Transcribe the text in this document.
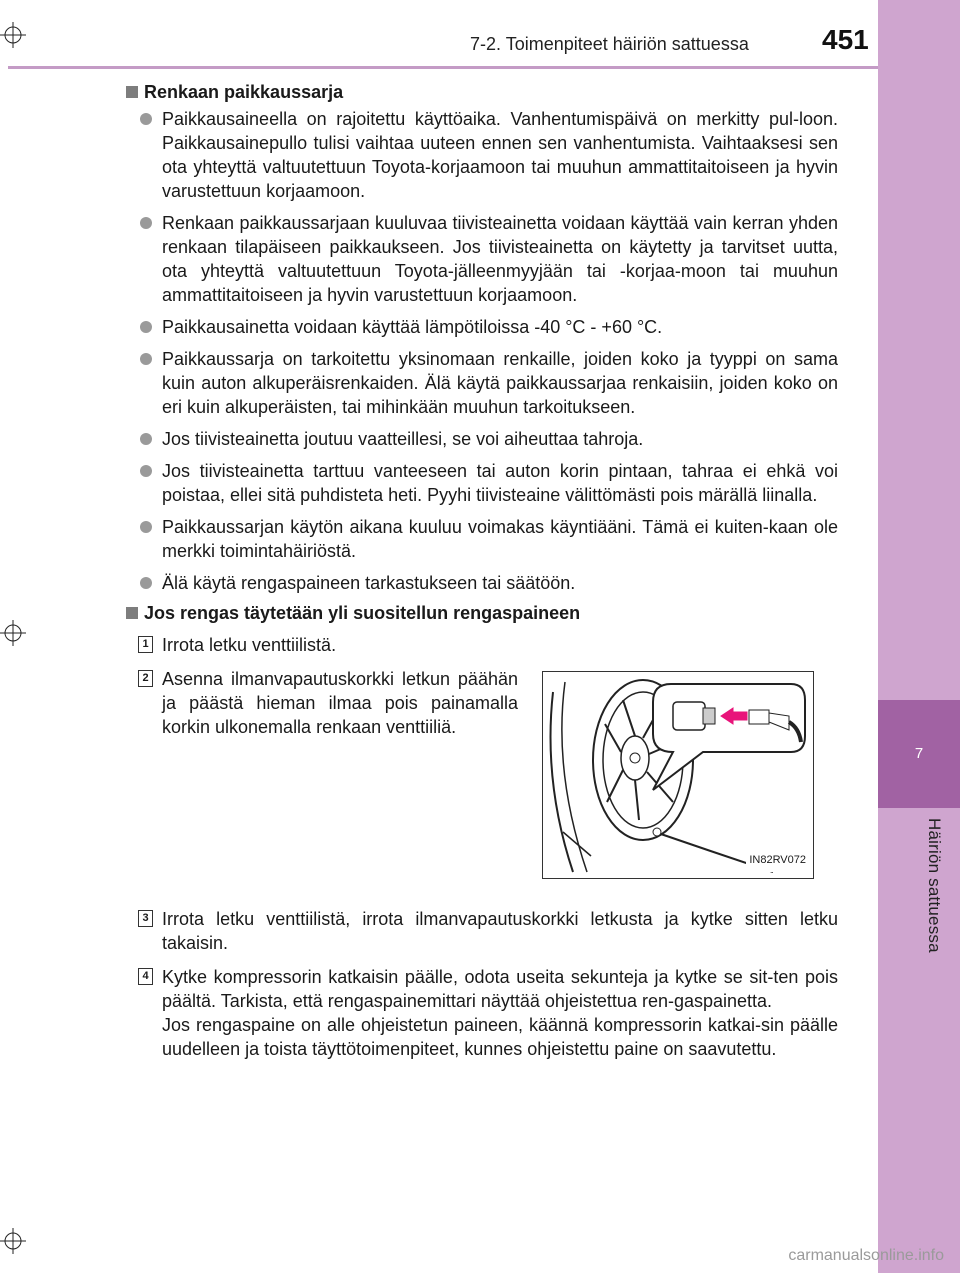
7
Häiriön sattuessa
7-2. Toimenpiteet häiriön sattuessa	451
Renkaan paikkaussarja
Paikkausaineella on rajoitettu käyttöaika. Vanhentumispäivä on merkitty pul-loon. Paikkausainepullo tulisi vaihtaa uuteen ennen sen vanhentumista. Vaihtaaksesi sen ota yhteyttä valtuutettuun Toyota-korjaamoon tai muuhun ammattitaitoiseen ja hyvin varustettuun korjaamoon.
Renkaan paikkaussarjaan kuuluvaa tiivisteainetta voidaan käyttää vain kerran yhden renkaan tilapäiseen paikkaukseen. Jos tiivisteainetta on käytetty ja tarvitset uutta, ota yhteyttä valtuutettuun Toyota-jälleenmyyjään tai -korjaa-moon tai muuhun ammattitaitoiseen ja hyvin varustettuun korjaamoon.
Paikkausainetta voidaan käyttää lämpötiloissa -40 °C - +60 °C.
Paikkaussarja on tarkoitettu yksinomaan renkaille, joiden koko ja tyyppi on sama kuin auton alkuperäisrenkaiden. Älä käytä paikkaussarjaa renkaisiin, joiden koko on eri kuin alkuperäisten, tai mihinkään muuhun tarkoitukseen.
Jos tiivisteainetta joutuu vaatteillesi, se voi aiheuttaa tahroja.
Jos tiivisteainetta tarttuu vanteeseen tai auton korin pintaan, tahraa ei ehkä voi poistaa, ellei sitä puhdisteta heti. Pyyhi tiivisteaine välittömästi pois märällä liinalla.
Paikkaussarjan käytön aikana kuuluu voimakas käyntiääni. Tämä ei kuiten-kaan ole merkki toimintahäiriöstä.
Älä käytä rengaspaineen tarkastukseen tai säätöön.
Jos rengas täytetään yli suositellun rengaspaineen
1 Irrota letku venttiilistä.
2 Asenna ilmanvapautuskorkki letkun päähän ja päästä hieman ilmaa pois painamalla korkin ulkonemalla renkaan venttiiliä.
IN82RV072
3 Irrota letku venttiilistä, irrota ilmanvapautuskorkki letkusta ja kytke sitten letku takaisin.
4 Kytke kompressorin katkaisin päälle, odota useita sekunteja ja kytke se sit-ten pois päältä. Tarkista, että rengaspainemittari näyttää ohjeistettua ren-gaspainetta.
Jos rengaspaine on alle ohjeistetun paineen, käännä kompressorin katkai-sin päälle uudelleen ja toista täyttötoimenpiteet, kunnes ohjeistettu paine on saavutettu.
carmanualsonline.info
